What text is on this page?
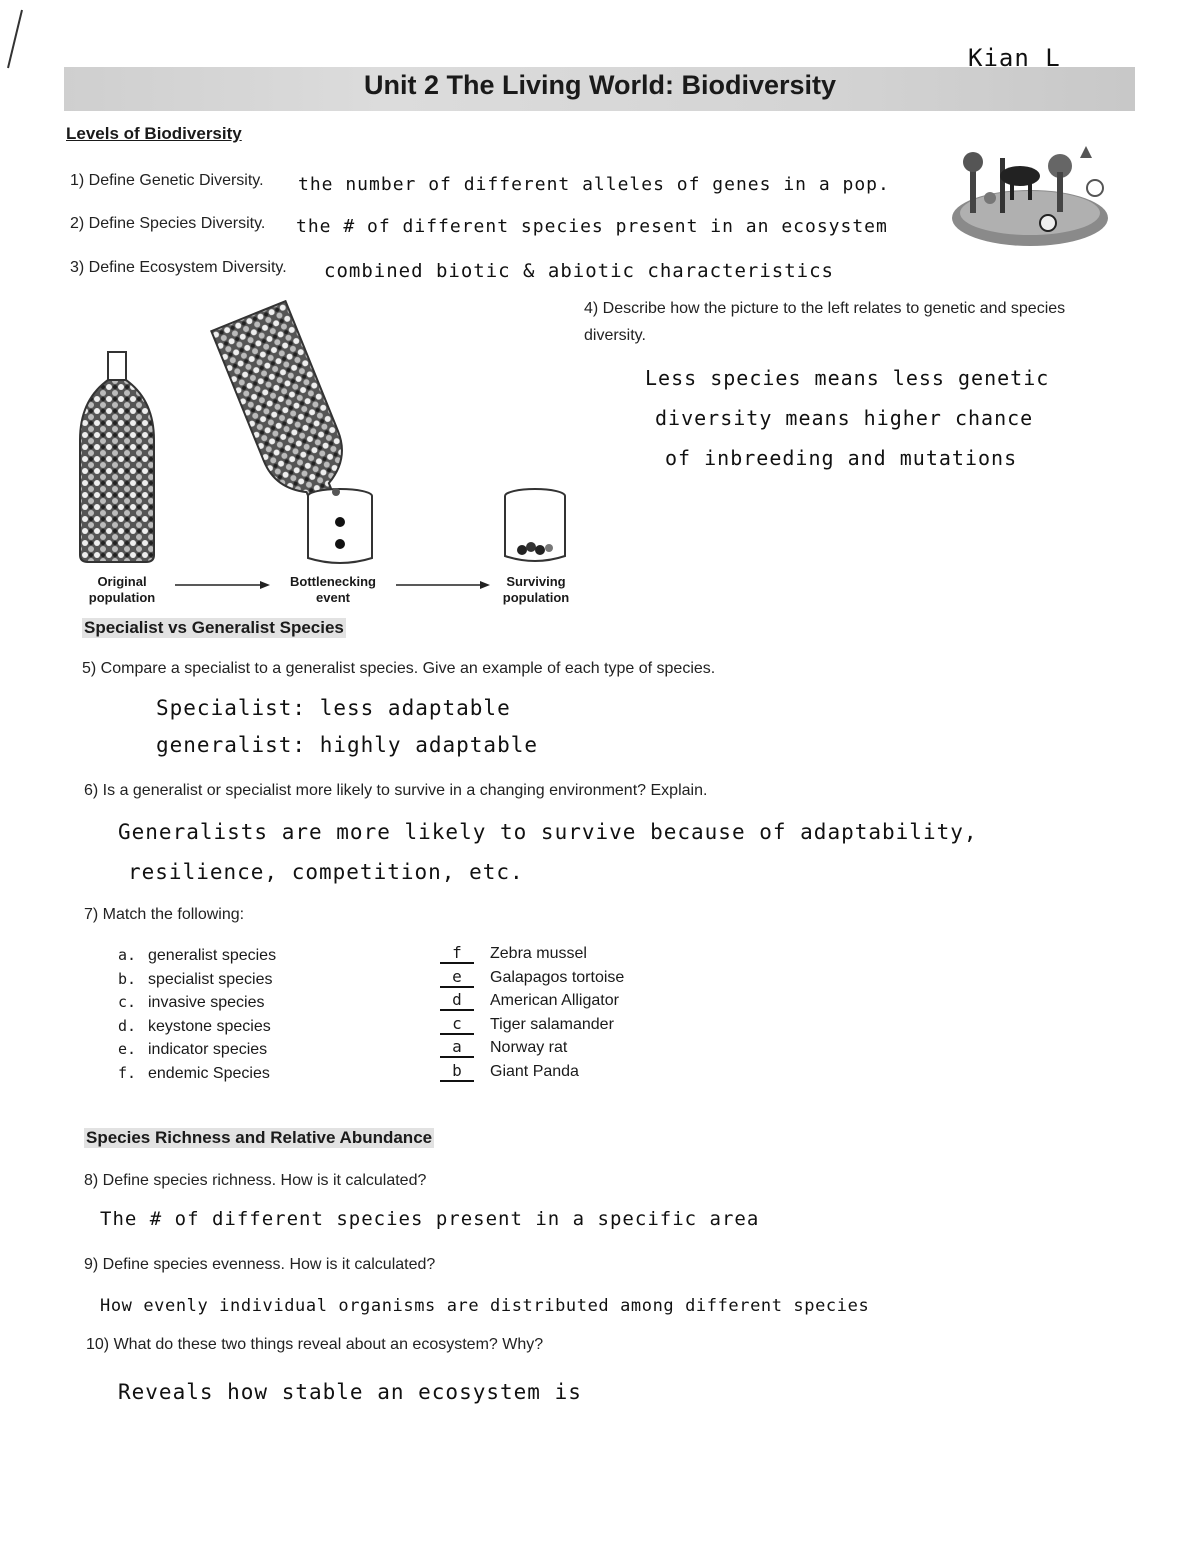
Unit 2 The Living World: Biodiversity
Kian L
Levels of Biodiversity
1) Define Genetic Diversity. the number of different alleles of genes in a pop.
2) Define Species Diversity. the # of different species present in an ecosystem
3) Define Ecosystem Diversity. combined biotic & abiotic characteristics
4) Describe how the picture to the left relates to genetic and species
diversity.
Less species means less genetic
diversity means higher chance
of inbreeding and mutations
Original
population
Bottlenecking
event
Surviving
population
Specialist vs Generalist Species
5) Compare a specialist to a generalist species. Give an example of each type of species.
Specialist: less adaptable
generalist: highly adaptable
6) Is a generalist or specialist more likely to survive in a changing environment? Explain.
Generalists are more likely to survive because of adaptability,
resilience, competition, etc.
7) Match the following:
a. generalist species
b. specialist species
c. invasive species
d. keystone species
e. indicator species
f. endemic Species
f Zebra mussel
e Galapagos tortoise
d American Alligator
c Tiger salamander
a Norway rat
b Giant Panda
Species Richness and Relative Abundance
8) Define species richness. How is it calculated?
The # of different species present in a specific area
9) Define species evenness. How is it calculated?
How evenly individual organisms are distributed among different species
10) What do these two things reveal about an ecosystem? Why?
Reveals how stable an ecosystem is
